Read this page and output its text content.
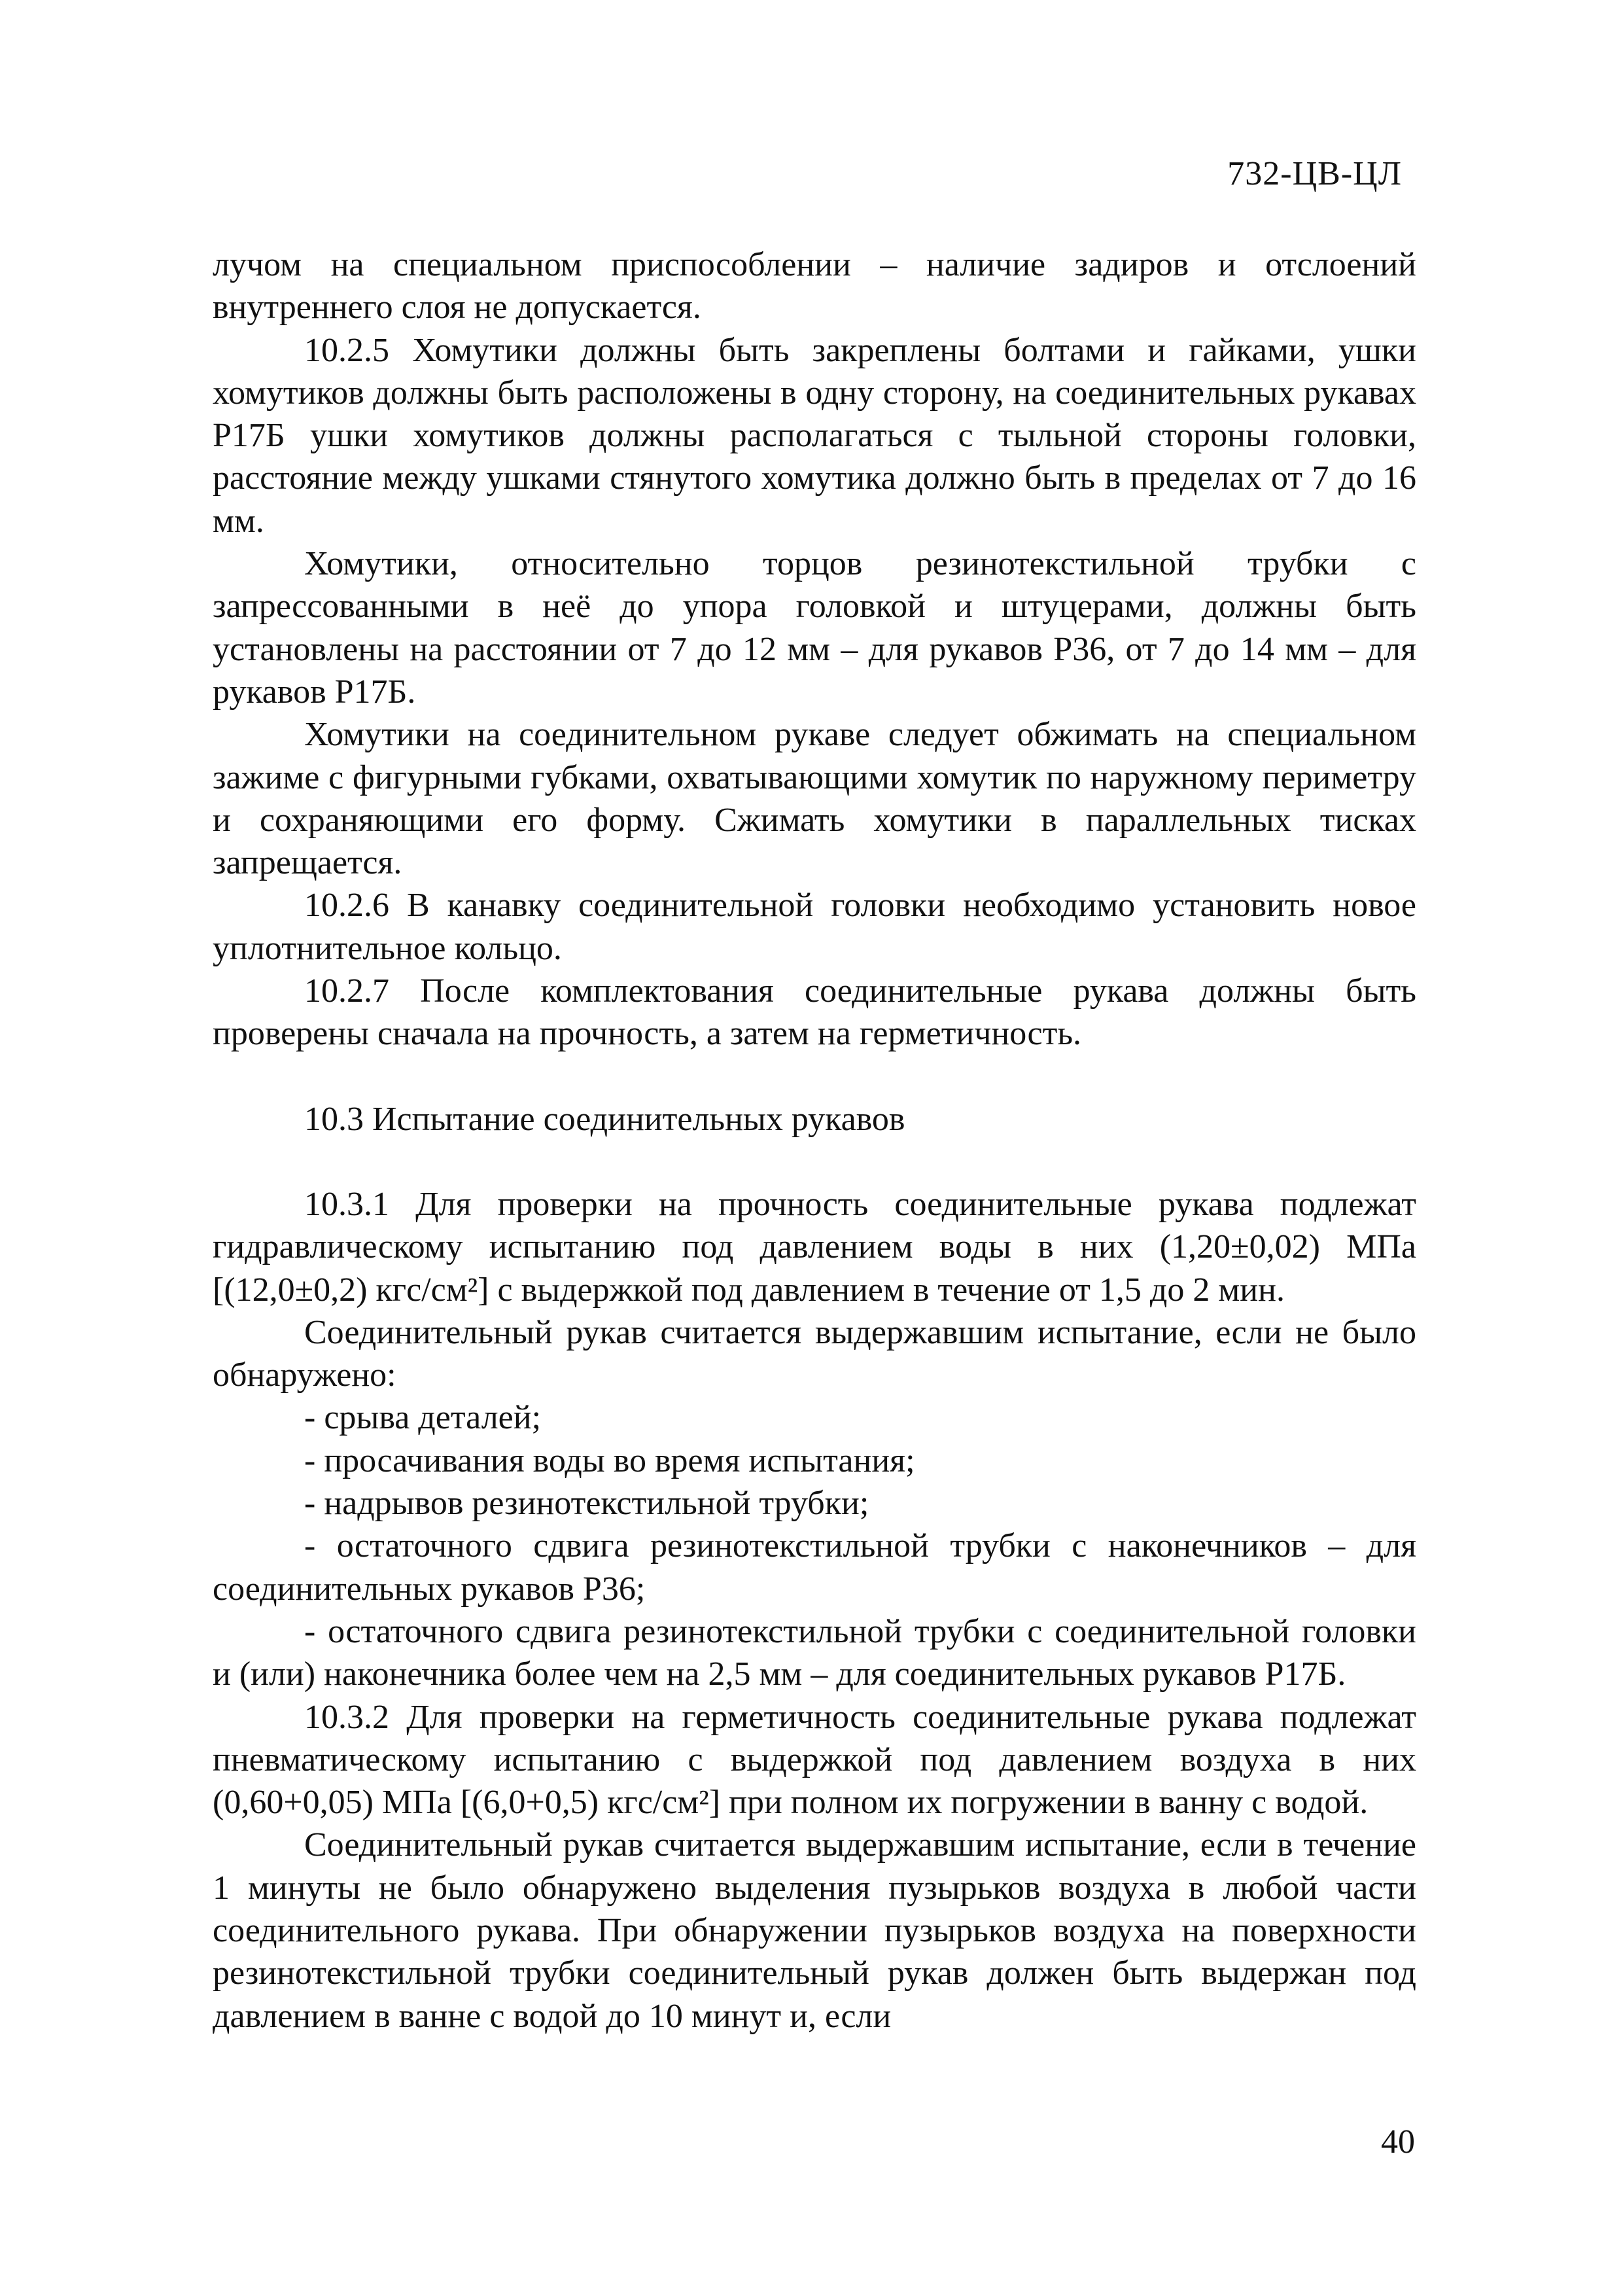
732-ЦВ-ЦЛ

лучом на специальном приспособлении – наличие задиров и отслоений внутреннего слоя не допускается.

10.2.5 Хомутики должны быть закреплены болтами и гайками, ушки хомутиков должны быть расположены в одну сторону, на соединительных рукавах Р17Б ушки хомутиков должны располагаться с тыльной стороны головки, расстояние между ушками стянутого хомутика должно быть в пределах от 7 до 16 мм.

Хомутики, относительно торцов резинотекстильной трубки с запрессованными в неё до упора головкой и штуцерами, должны быть установлены на расстоянии от 7 до 12 мм – для рукавов Р36, от 7 до 14 мм – для рукавов Р17Б.

Хомутики на соединительном рукаве следует обжимать на специальном зажиме с фигурными губками, охватывающими хомутик по наружному периметру и сохраняющими его форму. Сжимать хомутики в параллельных тисках запрещается.

10.2.6 В канавку соединительной головки необходимо установить новое уплотнительное кольцо.

10.2.7 После комплектования соединительные рукава должны быть проверены сначала на прочность, а затем на герметичность.

10.3 Испытание соединительных рукавов

10.3.1 Для проверки на прочность соединительные рукава подлежат гидравлическому испытанию под давлением воды в них (1,20±0,02) МПа [(12,0±0,2) кгс/см²] с выдержкой под давлением в течение от 1,5 до 2 мин.

Соединительный рукав считается выдержавшим испытание, если не было обнаружено:

- срыва деталей;

- просачивания воды во время испытания;

- надрывов резинотекстильной трубки;

- остаточного сдвига резинотекстильной трубки с наконечников – для соединительных рукавов Р36;

- остаточного сдвига резинотекстильной трубки с соединительной головки и (или) наконечника более чем на 2,5 мм – для соединительных рукавов Р17Б.

10.3.2 Для проверки на герметичность соединительные рукава подлежат пневматическому испытанию с выдержкой под давлением воздуха в них (0,60+0,05) МПа [(6,0+0,5) кгс/см²] при полном их погружении в ванну с водой.

Соединительный рукав считается выдержавшим испытание, если в течение 1 минуты не было обнаружено выделения пузырьков воздуха в любой части соединительного рукава. При обнаружении пузырьков воздуха на поверхности резинотекстильной трубки соединительный рукав должен быть выдержан под давлением в ванне с водой до 10 минут и, если

40
